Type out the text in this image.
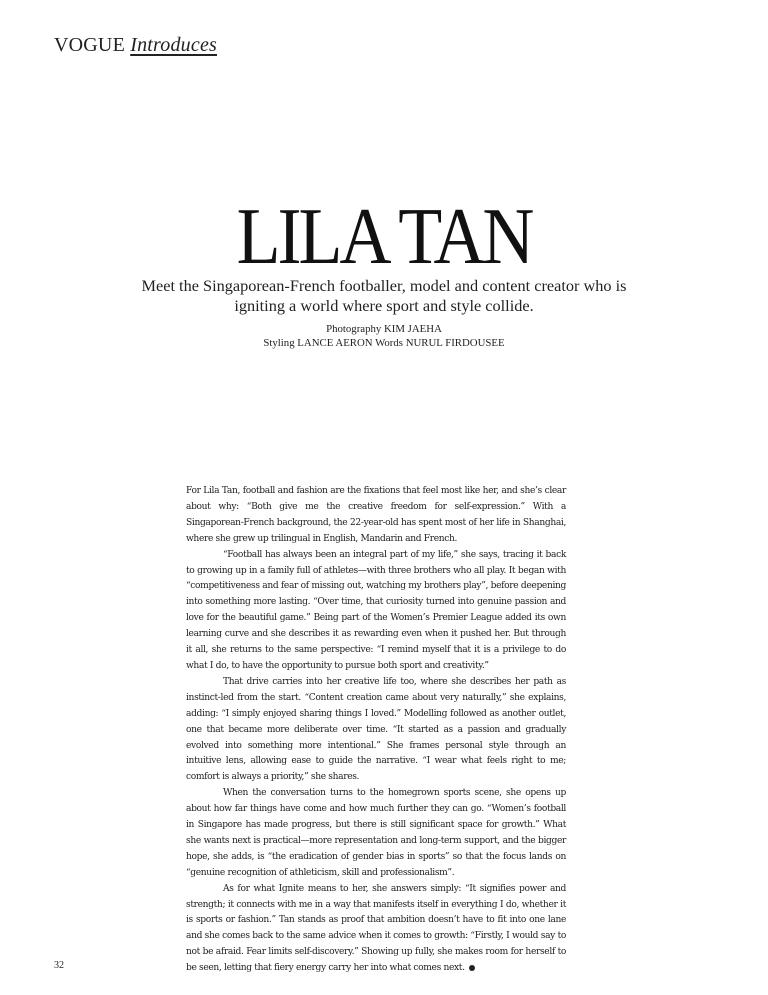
VOGUE Introduces
LILA TAN
Meet the Singaporean-French footballer, model and content creator who is igniting a world where sport and style collide.
Photography KIM JAEHA
Styling LANCE AERON Words NURUL FIRDOUSEE

For Lila Tan, football and fashion are the fixations that feel most like her, and she’s clear about why: “Both give me the creative freedom for self-expression.” With a Singaporean-French background, the 22-year-old has spent most of her life in Shanghai, where she grew up trilingual in English, Mandarin and French.

“Football has always been an integral part of my life,” she says, tracing it back to growing up in a family full of athletes—with three brothers who all play. It began with “competitiveness and fear of missing out, watching my brothers play”, before deepening into something more lasting. “Over time, that curiosity turned into genuine passion and love for the beautiful game.” Being part of the Women’s Premier League added its own learning curve and she describes it as rewarding even when it pushed her. But through it all, she returns to the same perspective: “I remind myself that it is a privilege to do what I do, to have the opportunity to pursue both sport and creativity.”

That drive carries into her creative life too, where she describes her path as instinct-led from the start. “Content creation came about very naturally,” she explains, adding: “I simply enjoyed sharing things I loved.” Modelling followed as another outlet, one that became more deliberate over time. “It started as a passion and gradually evolved into something more intentional.” She frames personal style through an intuitive lens, allowing ease to guide the narrative. “I wear what feels right to me; comfort is always a priority,” she shares.

When the conversation turns to the homegrown sports scene, she opens up about how far things have come and how much further they can go. “Women’s football in Singapore has made progress, but there is still significant space for growth.” What she wants next is practical—more representation and long-term support, and the bigger hope, she adds, is “the eradication of gender bias in sports” so that the focus lands on “genuine recognition of athleticism, skill and professionalism”.

As for what Ignite means to her, she answers simply: “It signifies power and strength; it connects with me in a way that manifests itself in everything I do, whether it is sports or fashion.” Tan stands as proof that ambition doesn’t have to fit into one lane and she comes back to the same advice when it comes to growth: “Firstly, I would say to not be afraid. Fear limits self-discovery.” Showing up fully, she makes room for herself to be seen, letting that fiery energy carry her into what comes next.

32
